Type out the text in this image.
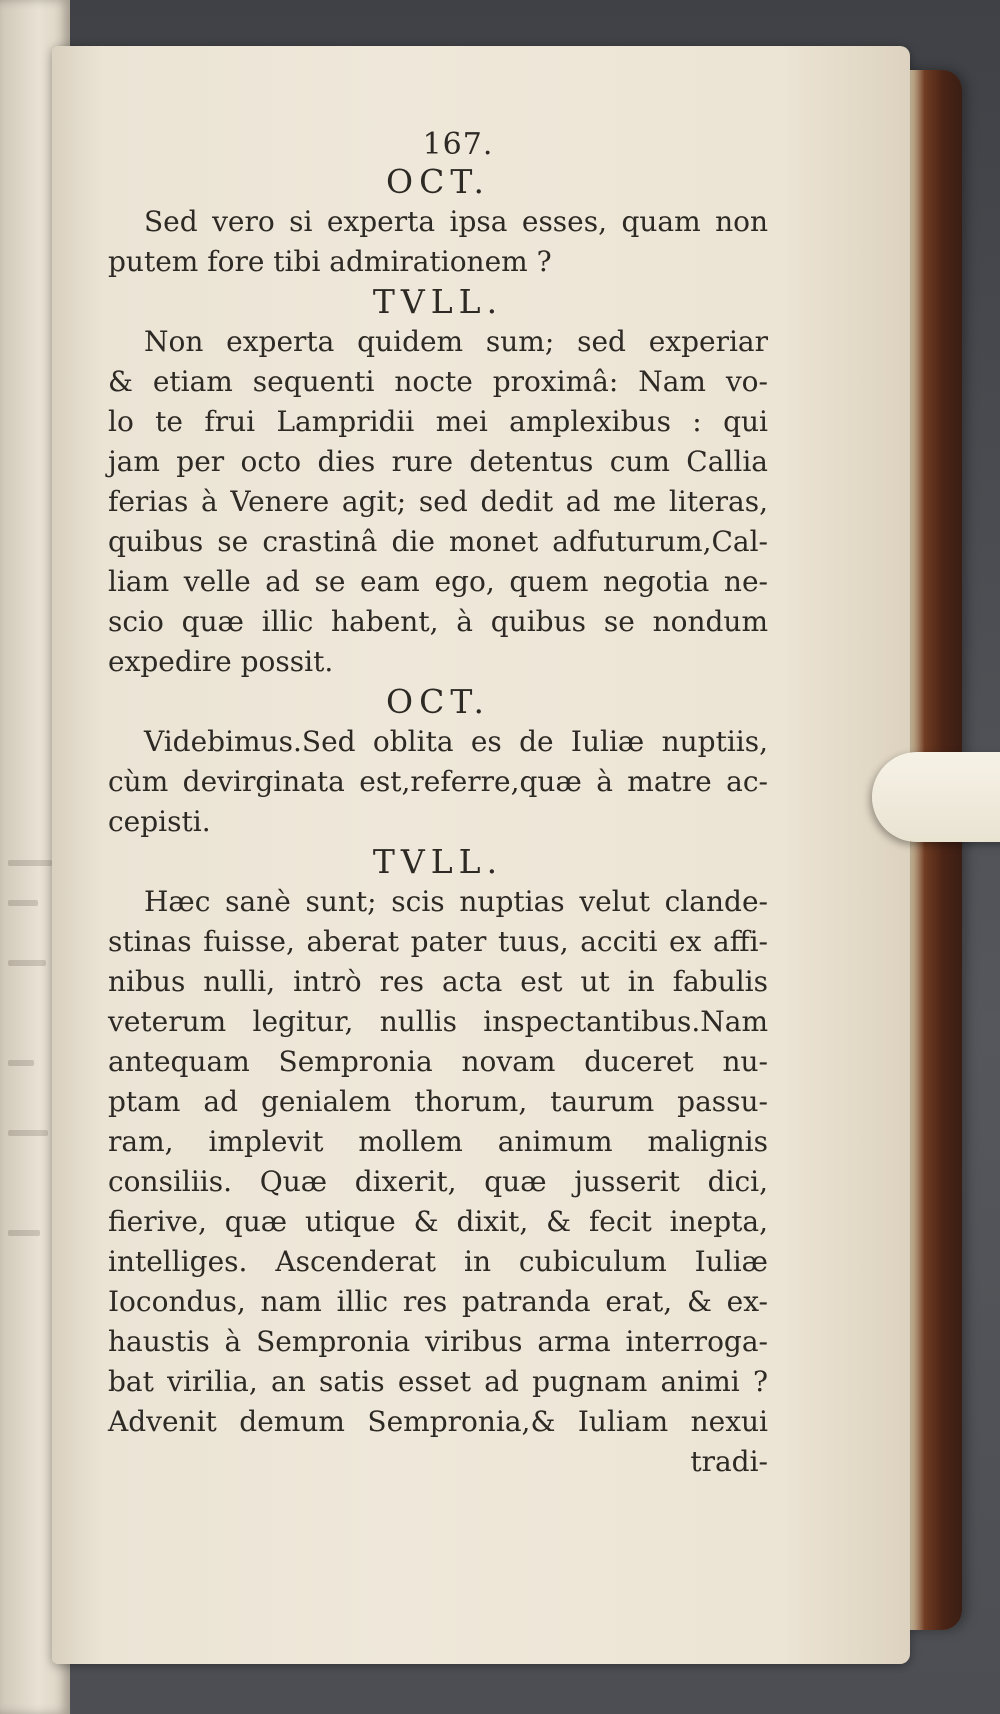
167.
OCT.
Sed vero si experta ipsa esses, quam non
putem fore tibi admirationem ?
TVLL.
Non experta quidem sum; sed experiar
& etiam sequenti nocte proximâ: Nam vo-
lo te frui Lampridii mei amplexibus : qui
jam per octo dies rure detentus cum Callia
ferias à Venere agit; sed dedit ad me literas,
quibus se crastinâ die monet adfuturum,Cal-
liam velle ad se eam ego, quem negotia ne-
scio quæ illic habent, à quibus se nondum
expedire possit.
OCT.
Videbimus.Sed oblita es de Iuliæ nuptiis,
cùm devirginata est,referre,quæ à matre ac-
cepisti.
TVLL.
Hæc sanè sunt; scis nuptias velut clande-
stinas fuisse, aberat pater tuus, acciti ex affi-
nibus nulli, intrò res acta est ut in fabulis
veterum legitur, nullis inspectantibus.Nam
antequam Sempronia novam duceret nu-
ptam ad genialem thorum, taurum passu-
ram, implevit mollem animum malignis
consiliis. Quæ dixerit, quæ jusserit dici,
fierive, quæ utique & dixit, & fecit inepta,
intelliges. Ascenderat in cubiculum Iuliæ
Iocondus, nam illic res patranda erat, & ex-
haustis à Sempronia viribus arma interroga-
bat virilia, an satis esset ad pugnam animi ?
Advenit demum Sempronia,& Iuliam nexui
tradi-
